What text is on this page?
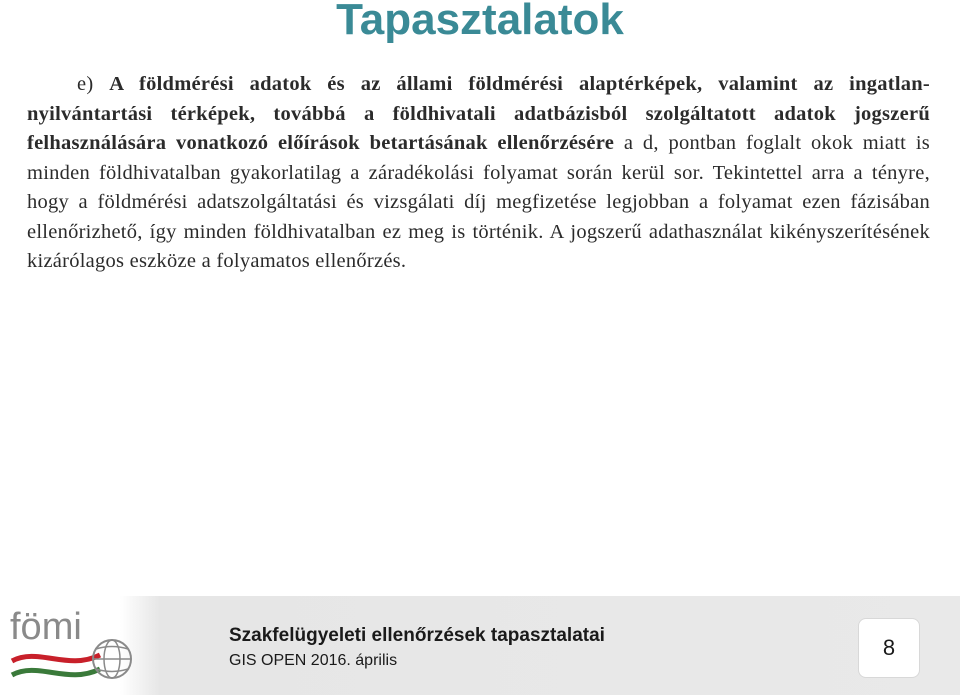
Tapasztalatok
e) A földmérési adatok és az állami földmérési alaptérképek, valamint az ingatlan-nyilvántartási térképek, továbbá a földhivatali adatbázisból szolgáltatott adatok jogszerű felhasználására vonatkozó előírások betartásának ellenőrzésére a d, pontban foglalt okok miatt is minden földhivatalban gyakorlatilag a záradékolási folyamat során kerül sor. Tekintettel arra a tényre, hogy a földmérési adatszolgáltatási és vizsgálati díj megfizetése legjobban a folyamat ezen fázisában ellenőrizhető, így minden földhivatalban ez meg is történik. A jogszerű adathasználat kikényszerítésének kizárólagos eszköze a folyamatos ellenőrzés.
fömi	Szakfelügyeleti ellenőrzések tapasztalatai
GIS OPEN 2016. április
8
